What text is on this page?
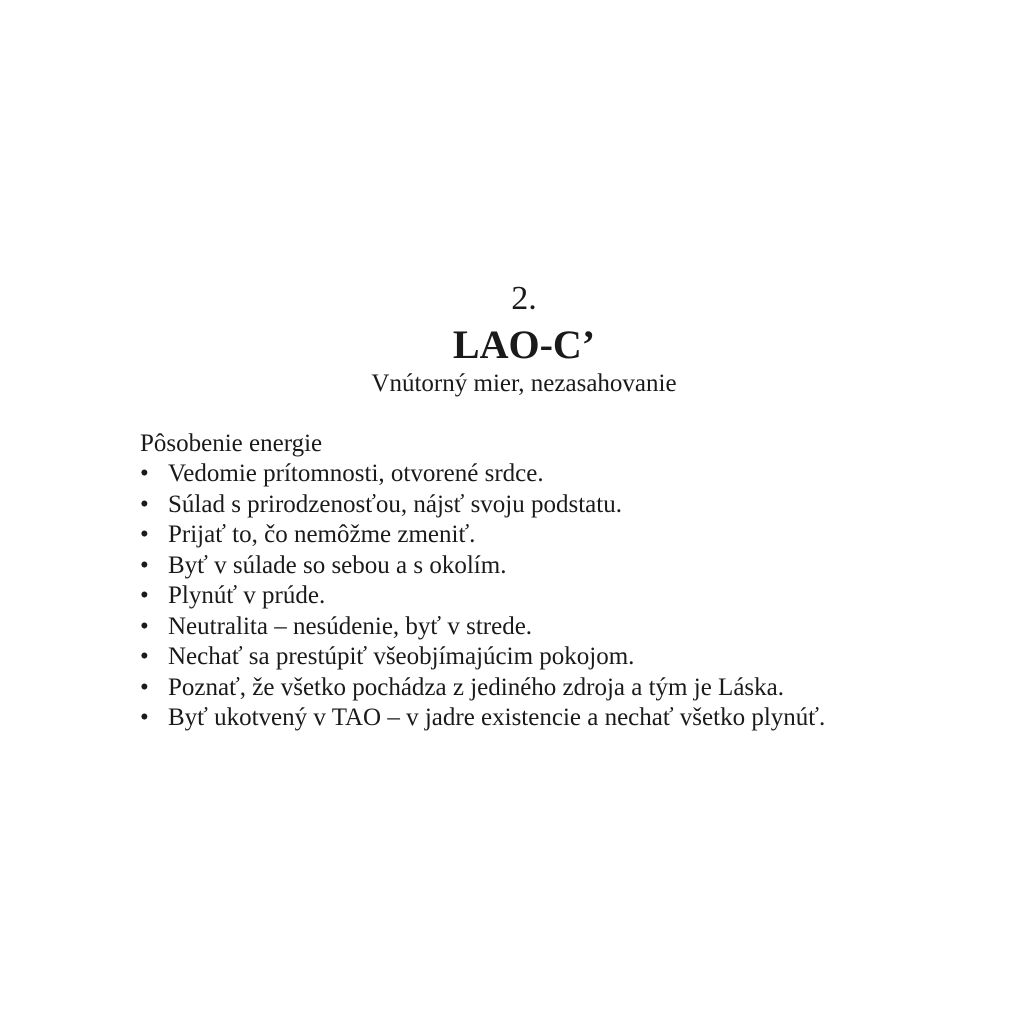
2.
LAO-C’
Vnútorný mier, nezasahovanie

Pôsobenie energie

• Vedomie prítomnosti, otvorené srdce.
• Súlad s prirodzenosťou, nájsť svoju podstatu.
• Prijať to, čo nemôžme zmeniť.
• Byť v súlade so sebou a s okolím.
• Plynúť v prúde.
• Neutralita – nesúdenie, byť v strede.
• Nechať sa prestúpiť všeobjímajúcim pokojom.
• Poznať, že všetko pochádza z jediného zdroja a tým je Láska.
• Byť ukotvený v TAO – v jadre existencie a nechať všetko plynúť.
